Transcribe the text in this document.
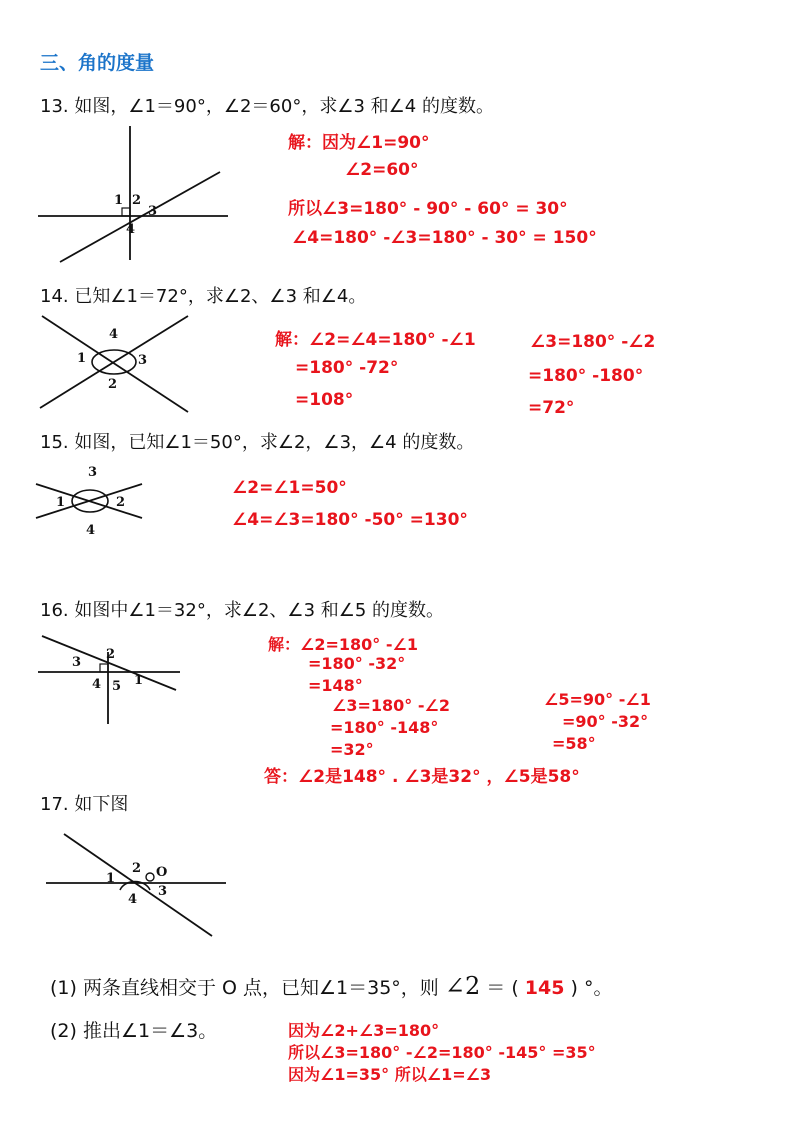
三、角的度量
13. 如图，∠1＝90°，∠2＝60°，求∠3 和∠4 的度数。
1 2
3
4
解：因为∠1=90°
∠2=60°
所以∠3=180° - 90° - 60° = 30°
∠4=180° -∠3=180° - 30° = 150°
14. 已知∠1＝72°，求∠2、∠3 和∠4。
1
2
3
4	解：∠2=∠4=180° -∠1
=180° -72°
=108°
∠3=180° -∠2
=180° -180°
=72°
15. 如图，已知∠1＝50°，求∠2，∠3，∠4 的度数。
1	2
3
4
∠2=∠1=50°
∠4=∠3=180° -50° =130°
16. 如图中∠1＝32°，求∠2、∠3 和∠5 的度数。
3
2
1
4 5
解：∠2=180° -∠1
=180° -32°
=148°
∠3=180° -∠2
=180° -148°
=32°
∠5=90° -∠1
=90° -32°
=58°
答：∠2是148° . ∠3是32° ，∠5是58°
17. 如下图
1
2
3
4
O
(1) 两条直线相交于 O 点，已知∠1＝35°，则 ∠2 ＝ ( 145 ) °。
(2) 推出∠1＝∠3。	因为∠2+∠3=180°
所以∠3=180° -∠2=180° -145° =35°
因为∠1=35° 所以∠1=∠3
